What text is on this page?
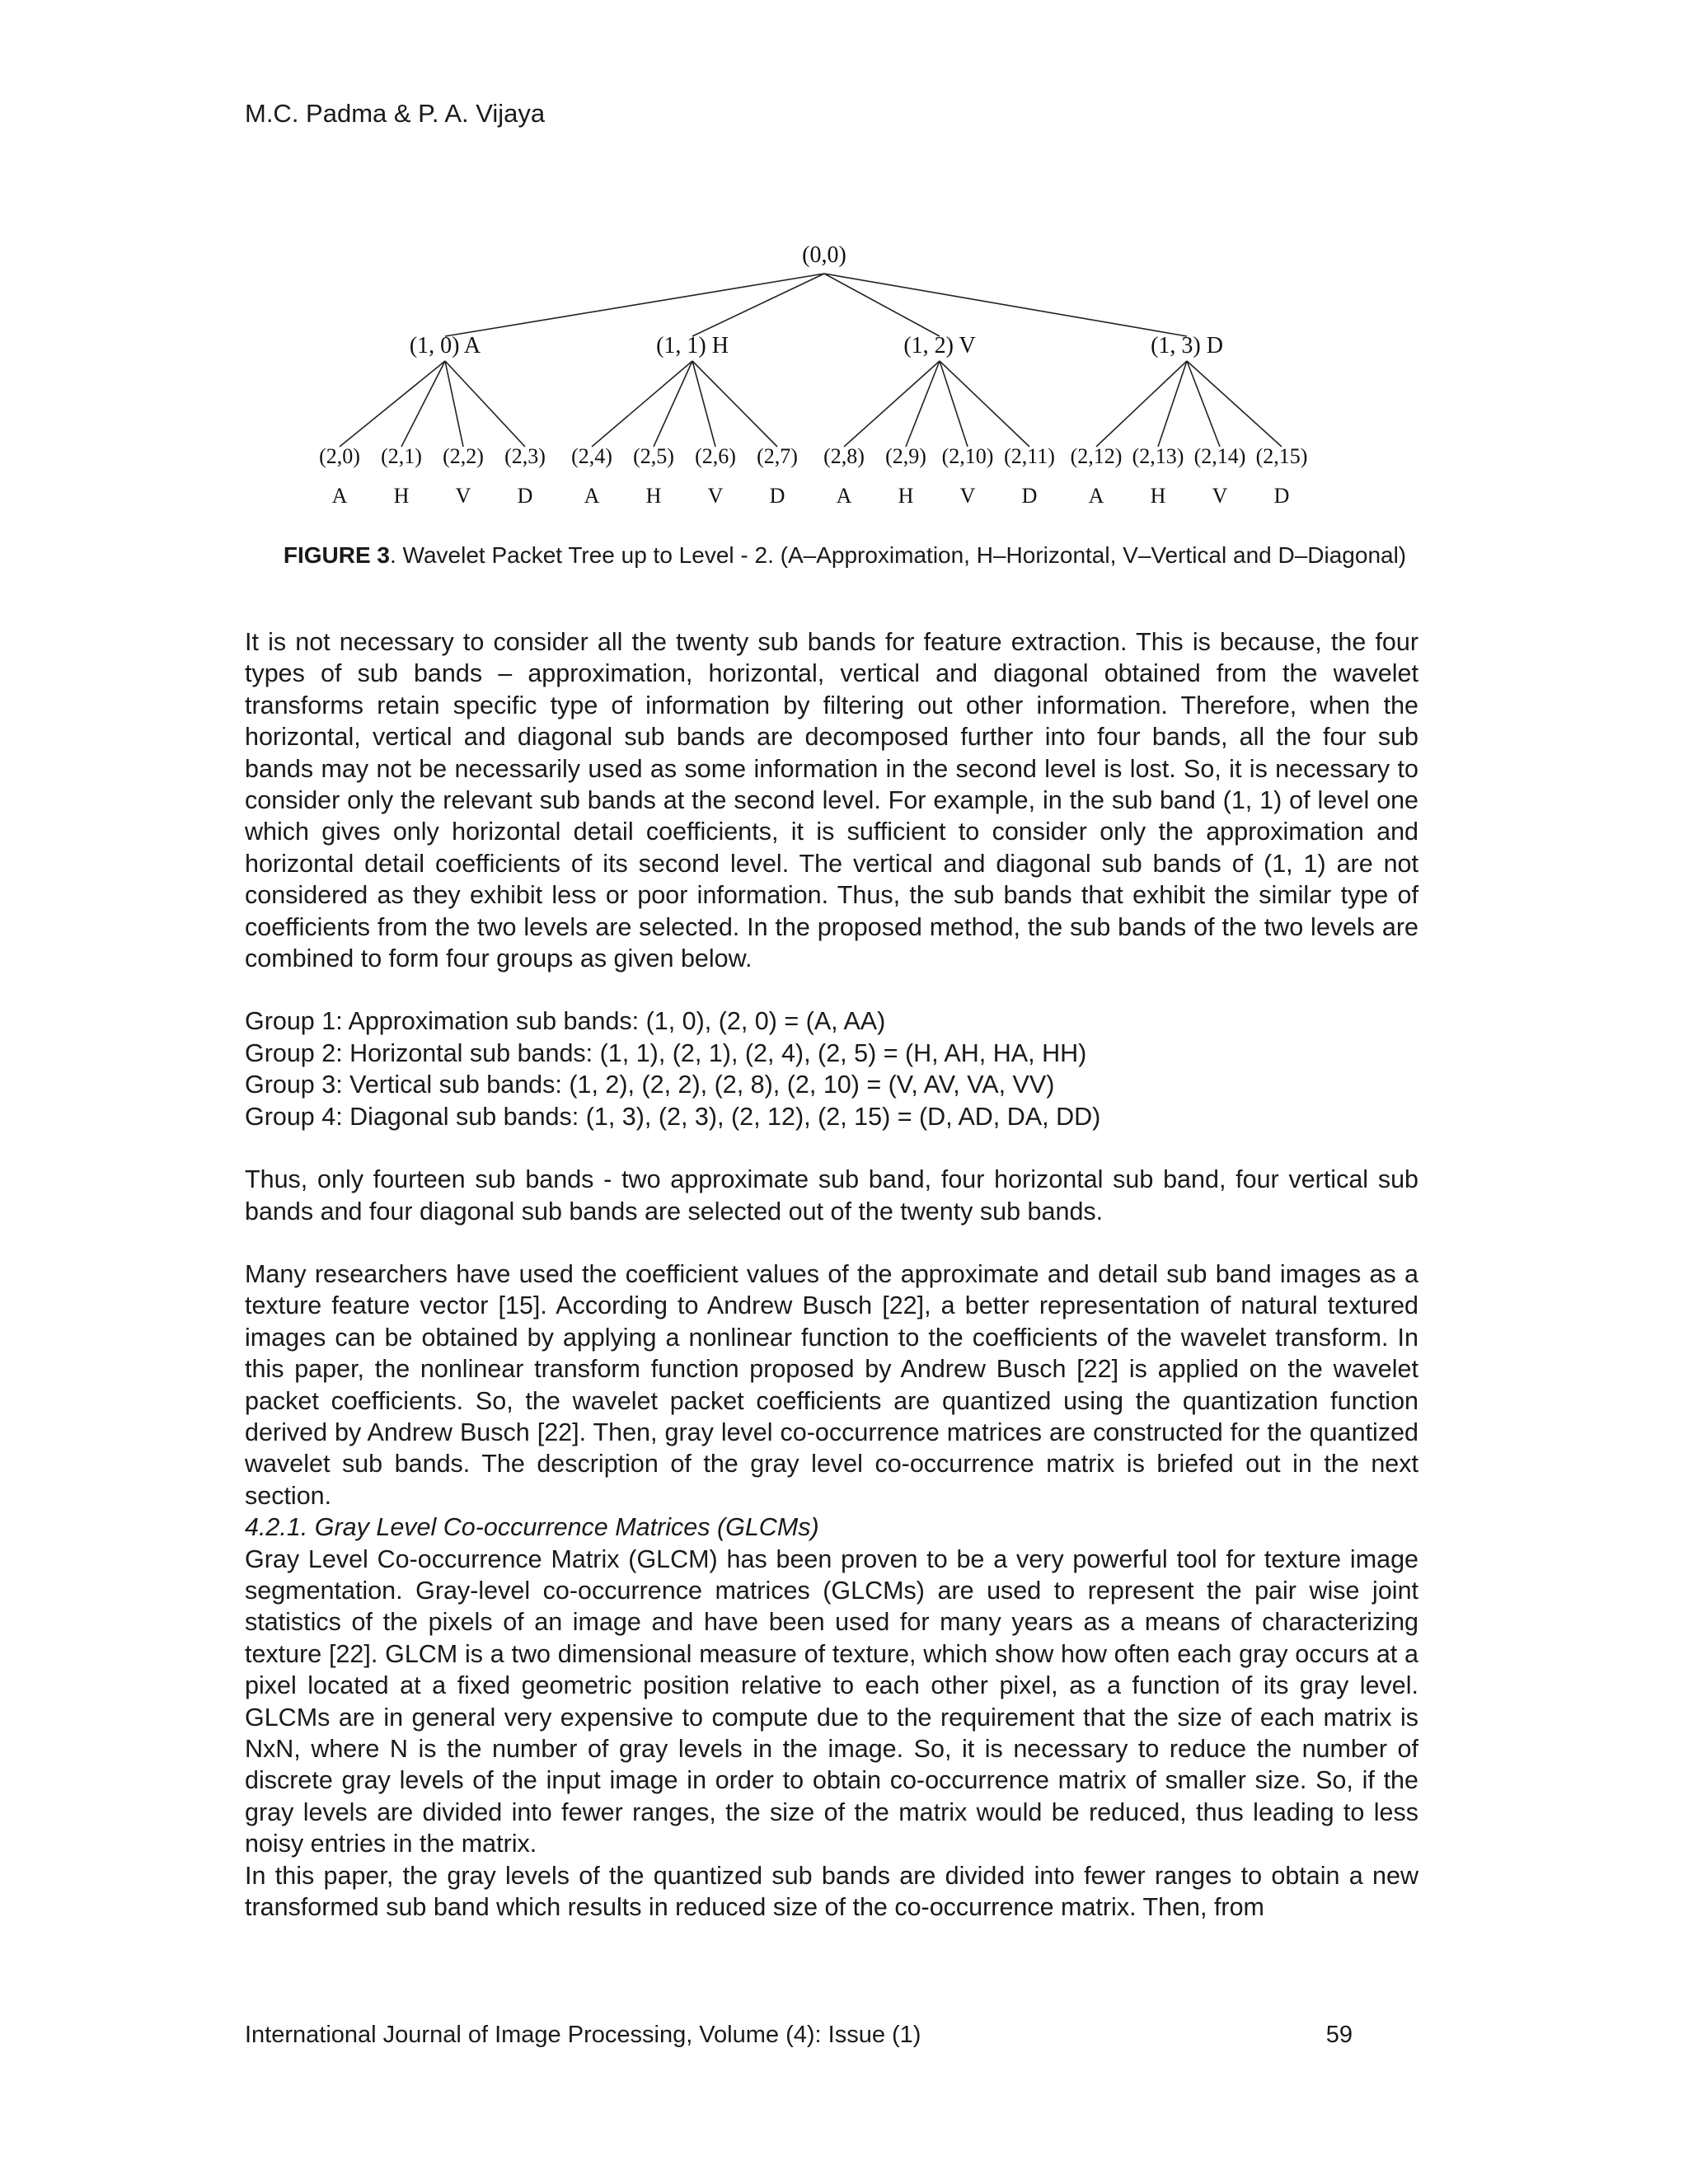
M.C. Padma & P. A. Vijaya
(0,0)
(1, 0) A	(1, 1) H	(1, 2) V	(1, 3) D
(2,0) (2,1) (2,2) (2,3) (2,4) (2,5) (2,6) (2,7) (2,8) (2,9) (2,10) (2,11) (2,12) (2,13) (2,14) (2,15)
A H V D A H V D A H V D A H V D
FIGURE 3. Wavelet Packet Tree up to Level - 2. (A–Approximation, H–Horizontal, V–Vertical and D–Diagonal)

It is not necessary to consider all the twenty sub bands for feature extraction. This is because, the four types of sub bands – approximation, horizontal, vertical and diagonal obtained from the wavelet transforms retain specific type of information by filtering out other information. Therefore, when the horizontal, vertical and diagonal sub bands are decomposed further into four bands, all the four sub bands may not be necessarily used as some information in the second level is lost. So, it is necessary to consider only the relevant sub bands at the second level. For example, in the sub band (1, 1) of level one which gives only horizontal detail coefficients, it is sufficient to consider only the approximation and horizontal detail coefficients of its second level. The vertical and diagonal sub bands of (1, 1) are not considered as they exhibit less or poor information. Thus, the sub bands that exhibit the similar type of coefficients from the two levels are selected. In the proposed method, the sub bands of the two levels are combined to form four groups as given below.

Group 1: Approximation sub bands: (1, 0), (2, 0) = (A, AA)
Group 2: Horizontal sub bands: (1, 1), (2, 1), (2, 4), (2, 5) = (H, AH, HA, HH)
Group 3: Vertical sub bands: (1, 2), (2, 2), (2, 8), (2, 10) = (V, AV, VA, VV)
Group 4: Diagonal sub bands: (1, 3), (2, 3), (2, 12), (2, 15) = (D, AD, DA, DD)

Thus, only fourteen sub bands - two approximate sub band, four horizontal sub band, four vertical sub bands and four diagonal sub bands are selected out of the twenty sub bands.

Many researchers have used the coefficient values of the approximate and detail sub band images as a texture feature vector [15]. According to Andrew Busch [22], a better representation of natural textured images can be obtained by applying a nonlinear function to the coefficients of the wavelet transform. In this paper, the nonlinear transform function proposed by Andrew Busch [22] is applied on the wavelet packet coefficients. So, the wavelet packet coefficients are quantized using the quantization function derived by Andrew Busch [22]. Then, gray level co-occurrence matrices are constructed for the quantized wavelet sub bands. The description of the gray level co-occurrence matrix is briefed out in the next section.

4.2.1. Gray Level Co-occurrence Matrices (GLCMs)

Gray Level Co-occurrence Matrix (GLCM) has been proven to be a very powerful tool for texture image segmentation. Gray-level co-occurrence matrices (GLCMs) are used to represent the pair wise joint statistics of the pixels of an image and have been used for many years as a means of characterizing texture [22]. GLCM is a two dimensional measure of texture, which show how often each gray occurs at a pixel located at a fixed geometric position relative to each other pixel, as a function of its gray level. GLCMs are in general very expensive to compute due to the requirement that the size of each matrix is NxN, where N is the number of gray levels in the image. So, it is necessary to reduce the number of discrete gray levels of the input image in order to obtain co-occurrence matrix of smaller size. So, if the gray levels are divided into fewer ranges, the size of the matrix would be reduced, thus leading to less noisy entries in the matrix.

In this paper, the gray levels of the quantized sub bands are divided into fewer ranges to obtain a new transformed sub band which results in reduced size of the co-occurrence matrix. Then, from

International Journal of Image Processing, Volume (4): Issue (1)	59
